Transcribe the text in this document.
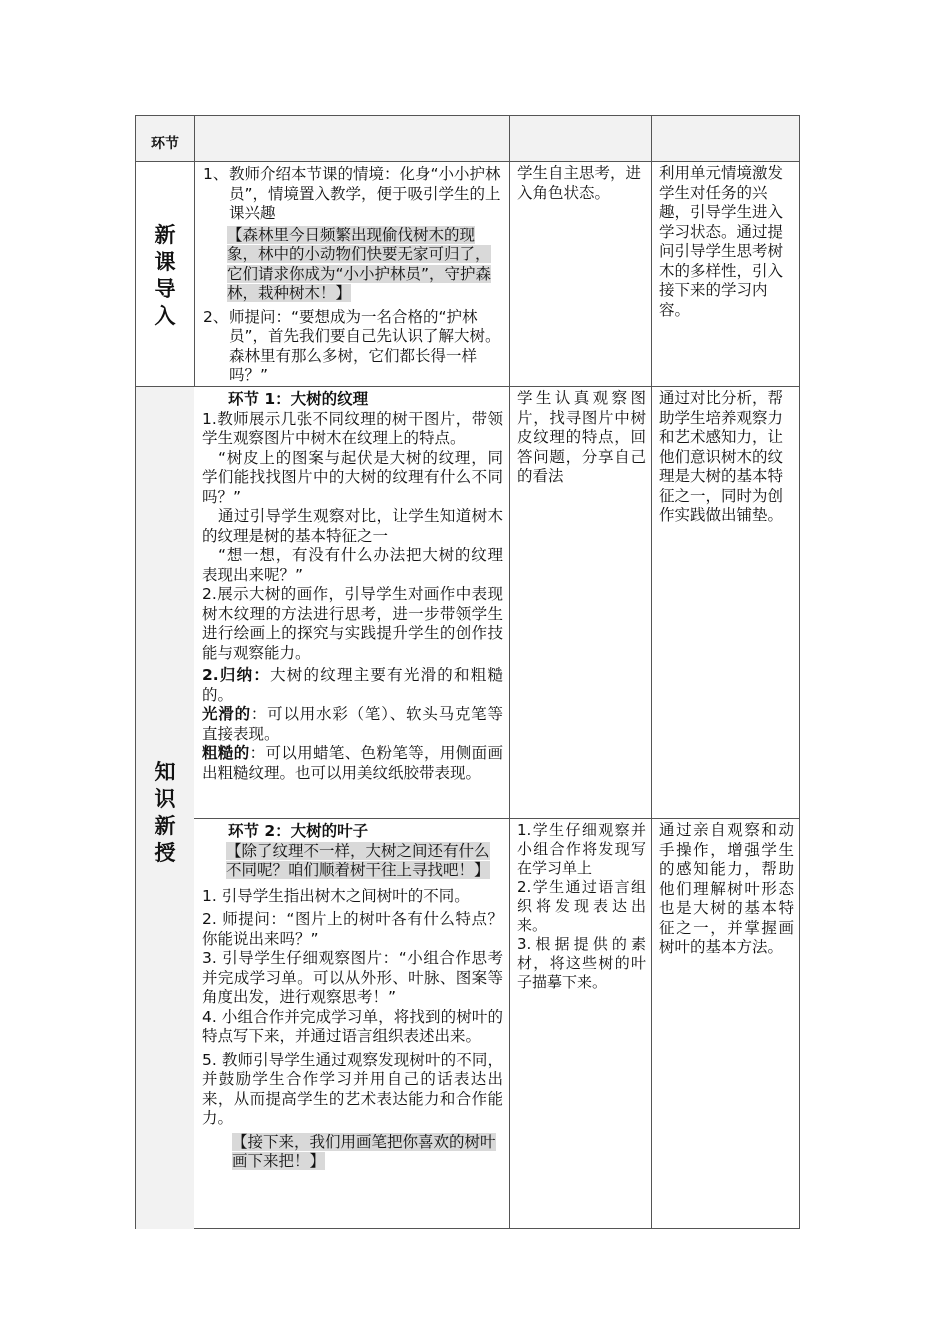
环节
新课导入
1、 教师介绍本节课的情境：化身“小小护林员”，情境置入教学，便于吸引学生的上课兴趣
【森林里今日频繁出现偷伐树木的现象，林中的小动物们快要无家可归了，它们请求你成为“小小护林员”，守护森林，栽种树木！】
2、 师提问：“要想成为一名合格的“护林员”，首先我们要自己先认识了解大树。森林里有那么多树，它们都长得一样吗？”
学生自主思考，进入角色状态。
利用单元情境激发学生对任务的兴趣，引导学生进入学习状态。通过提问引导学生思考树木的多样性，引入接下来的学习内容。
知识新授

环节 1：大树的纹理

1.教师展示几张不同纹理的树干图片，带领学生观察图片中树木在纹理上的特点。

“树皮上的图案与起伏是大树的纹理，同学们能找找图片中的大树的纹理有什么不同吗？”

通过引导学生观察对比，让学生知道树木的纹理是树的基本特征之一

“想一想，有没有什么办法把大树的纹理表现出来呢？”

2.展示大树的画作，引导学生对画作中表现树木纹理的方法进行思考，进一步带领学生进行绘画上的探究与实践提升学生的创作技能与观察能力。

2.归纳：大树的纹理主要有光滑的和粗糙的。

光滑的：可以用水彩（笔）、软头马克笔等直接表现。

粗糙的：可以用蜡笔、色粉笔等，用侧面画出粗糙纹理。也可以用美纹纸胶带表现。

学生认真观察图片，找寻图片中树皮纹理的特点，回答问题，分享自己的看法
通过对比分析，帮助学生培养观察力和艺术感知力，让他们意识树木的纹理是大树的基本特征之一，同时为创作实践做出铺垫。

环节 2：大树的叶子

【除了纹理不一样，大树之间还有什么不同呢？咱们顺着树干往上寻找吧！】

1. 引导学生指出树木之间树叶的不同。

2. 师提问：“图片上的树叶各有什么特点？你能说出来吗？”

3. 引导学生仔细观察图片：“小组合作思考并完成学习单。可以从外形、叶脉、图案等角度出发，进行观察思考！”

4. 小组合作并完成学习单，将找到的树叶的特点写下来，并通过语言组织表述出来。

5. 教师引导学生通过观察发现树叶的不同，并鼓励学生合作学习并用自己的话表达出来，从而提高学生的艺术表达能力和合作能力。

【接下来，我们用画笔把你喜欢的树叶画下来把！】

1.学生仔细观察并小组合作将发现写在学习单上

2.学生通过语言组织将发现表达出来。

3.根据提供的素材，将这些树的叶子描摹下来。

通过亲自观察和动手操作，增强学生的感知能力，帮助他们理解树叶形态也是大树的基本特征之一，并掌握画树叶的基本方法。
